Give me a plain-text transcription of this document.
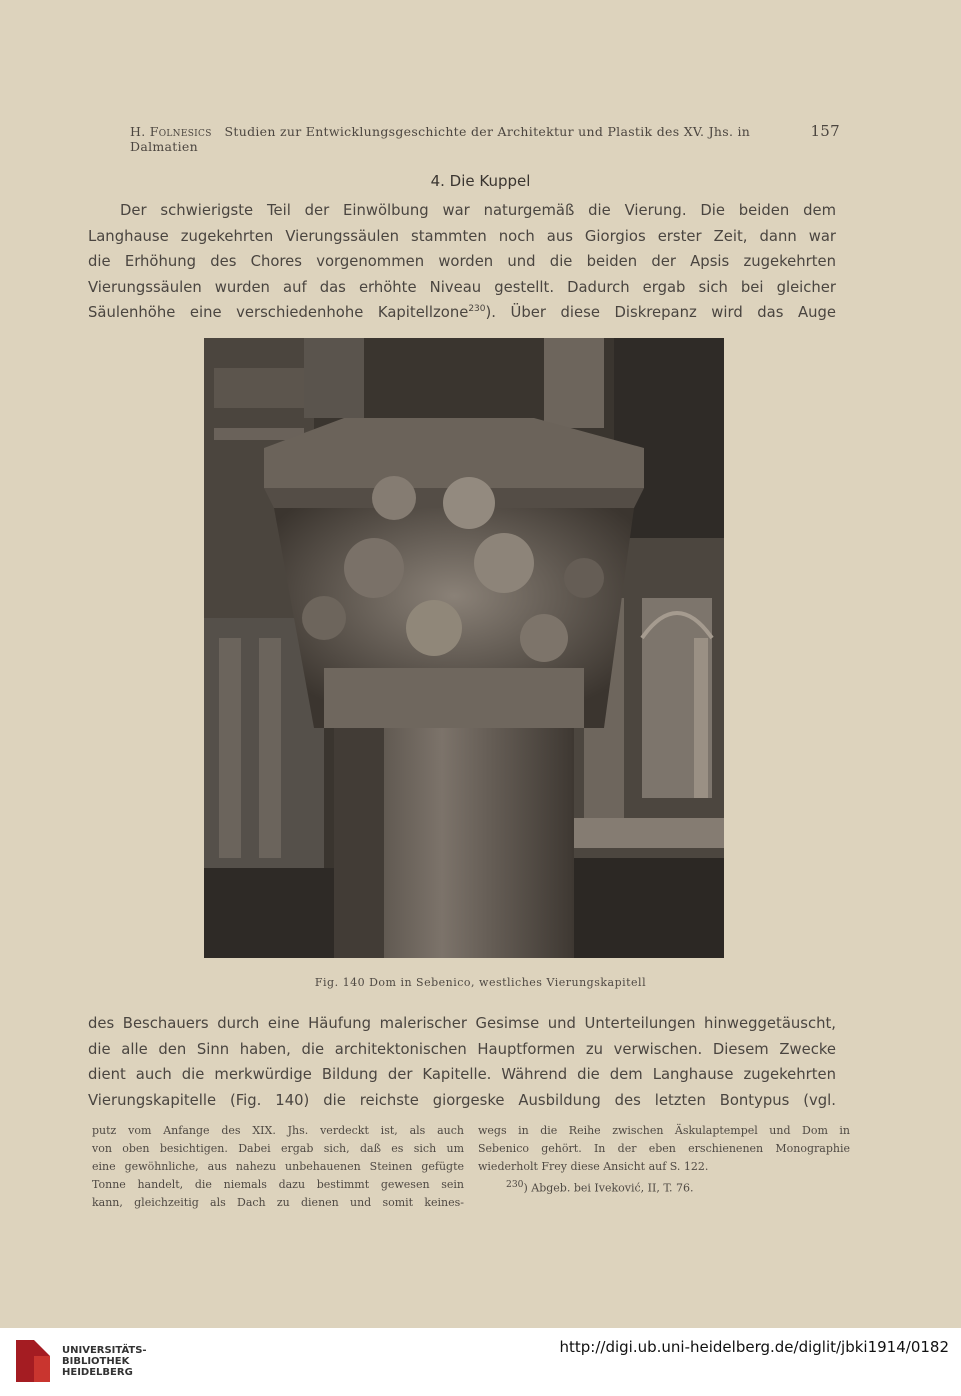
H. Folnesics Studien zur Entwicklungsgeschichte der Architektur und Plastik des XV. Jhs. in Dalmatien
157
4. Die Kuppel
Der schwierigste Teil der Einwölbung war naturgemäß die Vierung. Die beiden dem
Langhause zugekehrten Vierungssäulen stammten noch aus Giorgios erster Zeit, dann war
die Erhöhung des Chores vorgenommen worden und die beiden der Apsis zugekehrten
Vierungssäulen wurden auf das erhöhte Niveau gestellt. Dadurch ergab sich bei gleicher
Säulenhöhe eine verschiedenhohe Kapitellzone$^{230}$). Über diese Diskrepanz wird das Auge
Fig. 140 Dom in Sebenico, westliches Vierungskapitell
des Beschauers durch eine Häufung malerischer Gesimse und Unterteilungen hinweggetäuscht,
die alle den Sinn haben, die architektonischen Hauptformen zu verwischen. Diesem Zwecke
dient auch die merkwürdige Bildung der Kapitelle. Während die dem Langhause zugekehrten
Vierungskapitelle (Fig. 140) die reichste giorgeske Ausbildung des letzten Bontypus (vgl.
putz vom Anfange des XIX. Jhs. verdeckt ist, als auch
von oben besichtigen. Dabei ergab sich, daß es sich um
eine gewöhnliche, aus nahezu unbehauenen Steinen gefügte
Tonne handelt, die niemals dazu bestimmt gewesen sein
kann, gleichzeitig als Dach zu dienen und somit keines-
wegs in die Reihe zwischen Äskulaptempel und Dom in
Sebenico gehört. In der eben erschienenen Monographie
wiederholt Frey diese Ansicht auf S. 122.
$^{230}$) Abgeb. bei Iveković, II, T. 76.
UNIVERSITÄTS-
BIBLIOTHEK
HEIDELBERG
http://digi.ub.uni-heidelberg.de/diglit/jbki1914/0182
